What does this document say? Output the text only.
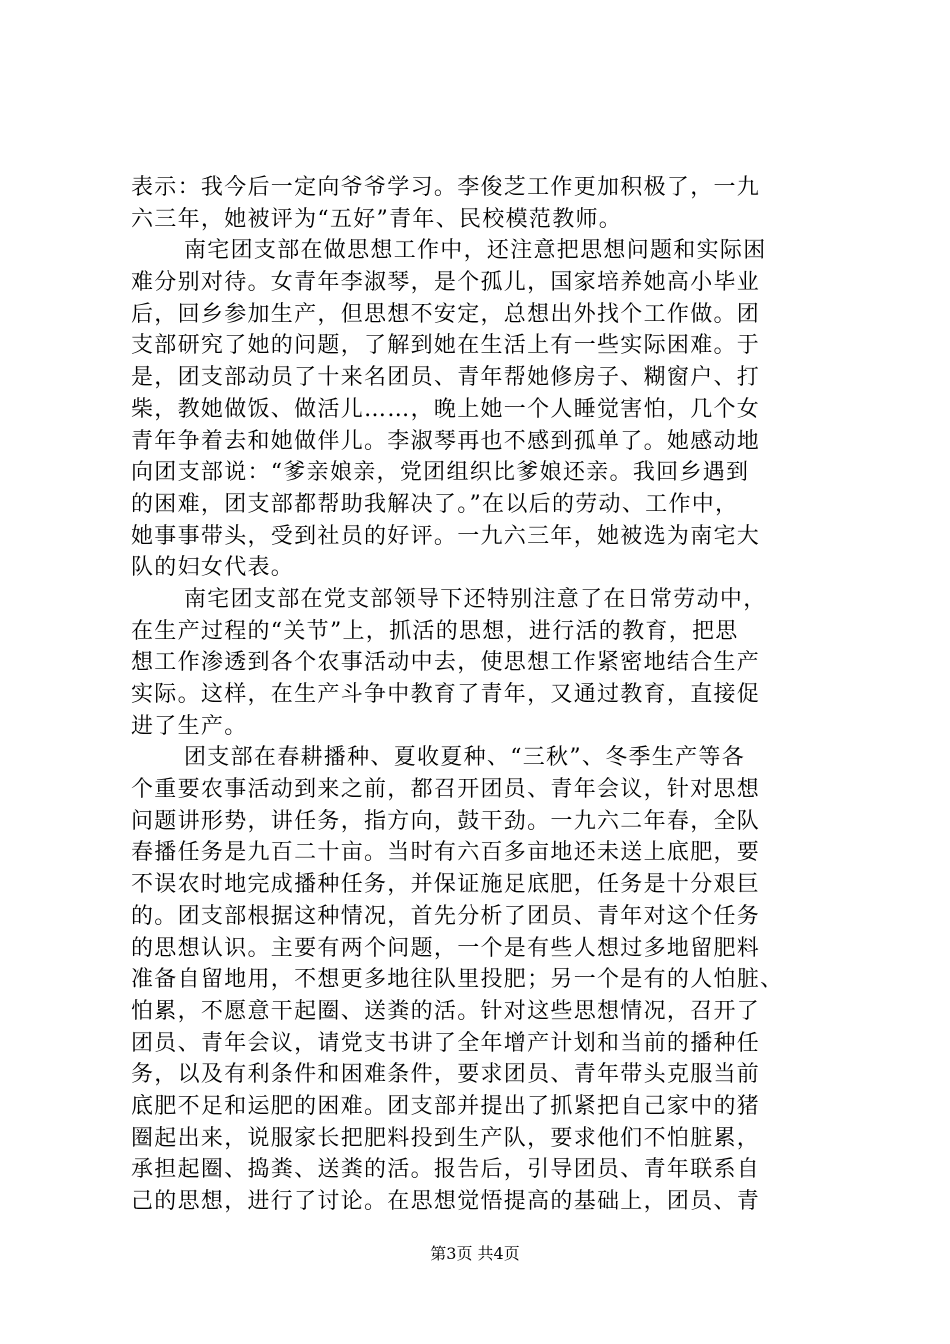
表示：我今后一定向爷爷学习。李俊芝工作更加积极了，一九
六三年，她被评为“五好”青年、民校模范教师。
南宅团支部在做思想工作中，还注意把思想问题和实际困
难分别对待。女青年李淑琴，是个孤儿，国家培养她高小毕业
后，回乡参加生产，但思想不安定，总想出外找个工作做。团
支部研究了她的问题，了解到她在生活上有一些实际困难。于
是，团支部动员了十来名团员、青年帮她修房子、糊窗户、打
柴，教她做饭、做活儿……，晚上她一个人睡觉害怕，几个女
青年争着去和她做伴儿。李淑琴再也不感到孤单了。她感动地
向团支部说：“爹亲娘亲，党团组织比爹娘还亲。我回乡遇到
的困难，团支部都帮助我解决了。”在以后的劳动、工作中，
她事事带头，受到社员的好评。一九六三年，她被选为南宅大
队的妇女代表。
南宅团支部在党支部领导下还特别注意了在日常劳动中，
在生产过程的“关节”上，抓活的思想，进行活的教育，把思
想工作渗透到各个农事活动中去，使思想工作紧密地结合生产
实际。这样，在生产斗争中教育了青年，又通过教育，直接促
进了生产。
团支部在春耕播种、夏收夏种、“三秋”、冬季生产等各
个重要农事活动到来之前，都召开团员、青年会议，针对思想
问题讲形势，讲任务，指方向，鼓干劲。一九六二年春，全队
春播任务是九百二十亩。当时有六百多亩地还未送上底肥，要
不误农时地完成播种任务，并保证施足底肥，任务是十分艰巨
的。团支部根据这种情况，首先分析了团员、青年对这个任务
的思想认识。主要有两个问题，一个是有些人想过多地留肥料
准备自留地用，不想更多地往队里投肥；另一个是有的人怕脏、
怕累，不愿意干起圈、送粪的活。针对这些思想情况，召开了
团员、青年会议，请党支书讲了全年增产计划和当前的播种任
务，以及有利条件和困难条件，要求团员、青年带头克服当前
底肥不足和运肥的困难。团支部并提出了抓紧把自己家中的猪
圈起出来，说服家长把肥料投到生产队，要求他们不怕脏累，
承担起圈、捣粪、送粪的活。报告后，引导团员、青年联系自
己的思想，进行了讨论。在思想觉悟提高的基础上，团员、青
第3页 共4页
